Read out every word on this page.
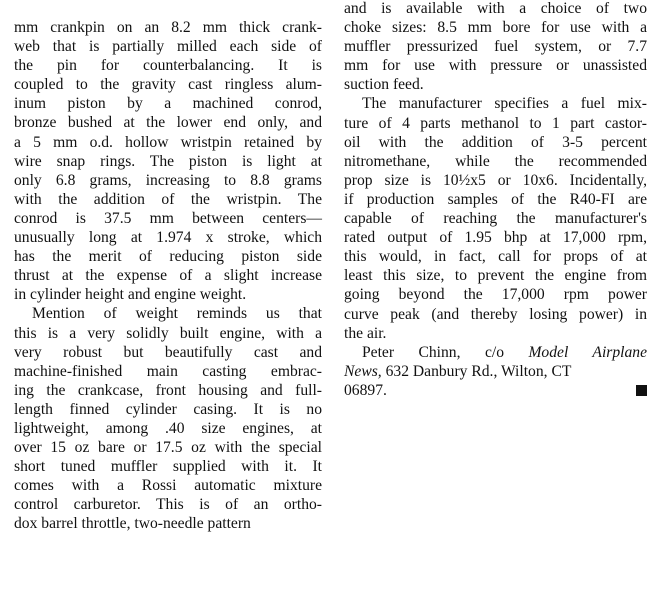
mm crankpin on an 8.2 mm thick crank-
web that is partially milled each side of
the pin for counterbalancing. It is
coupled to the gravity cast ringless alum-
inum piston by a machined conrod,
bronze bushed at the lower end only, and
a 5 mm o.d. hollow wristpin retained by
wire snap rings. The piston is light at
only 6.8 grams, increasing to 8.8 grams
with the addition of the wristpin. The
conrod is 37.5 mm between centers—
unusually long at 1.974 x stroke, which
has the merit of reducing piston side
thrust at the expense of a slight increase
in cylinder height and engine weight.

Mention of weight reminds us that
this is a very solidly built engine, with a
very robust but beautifully cast and
machine-finished main casting embrac-
ing the crankcase, front housing and full-
length finned cylinder casing. It is no
lightweight, among .40 size engines, at
over 15 oz bare or 17.5 oz with the special
short tuned muffler supplied with it. It
comes with a Rossi automatic mixture
control carburetor. This is of an ortho-
dox barrel throttle, two-needle pattern

and is available with a choice of two
choke sizes: 8.5 mm bore for use with a
muffler pressurized fuel system, or 7.7
mm for use with pressure or unassisted
suction feed.

The manufacturer specifies a fuel mix-
ture of 4 parts methanol to 1 part castor-
oil with the addition of 3-5 percent
nitromethane, while the recommended
prop size is 10½x5 or 10x6. Incidentally,
if production samples of the R40-FI are
capable of reaching the manufacturer's
rated output of 1.95 bhp at 17,000 rpm,
this would, in fact, call for props of at
least this size, to prevent the engine from
going beyond the 17,000 rpm power
curve peak (and thereby losing power) in
the air.

Peter Chinn, c/o Model Airplane
News, 632 Danbury Rd., Wilton, CT
06897.
